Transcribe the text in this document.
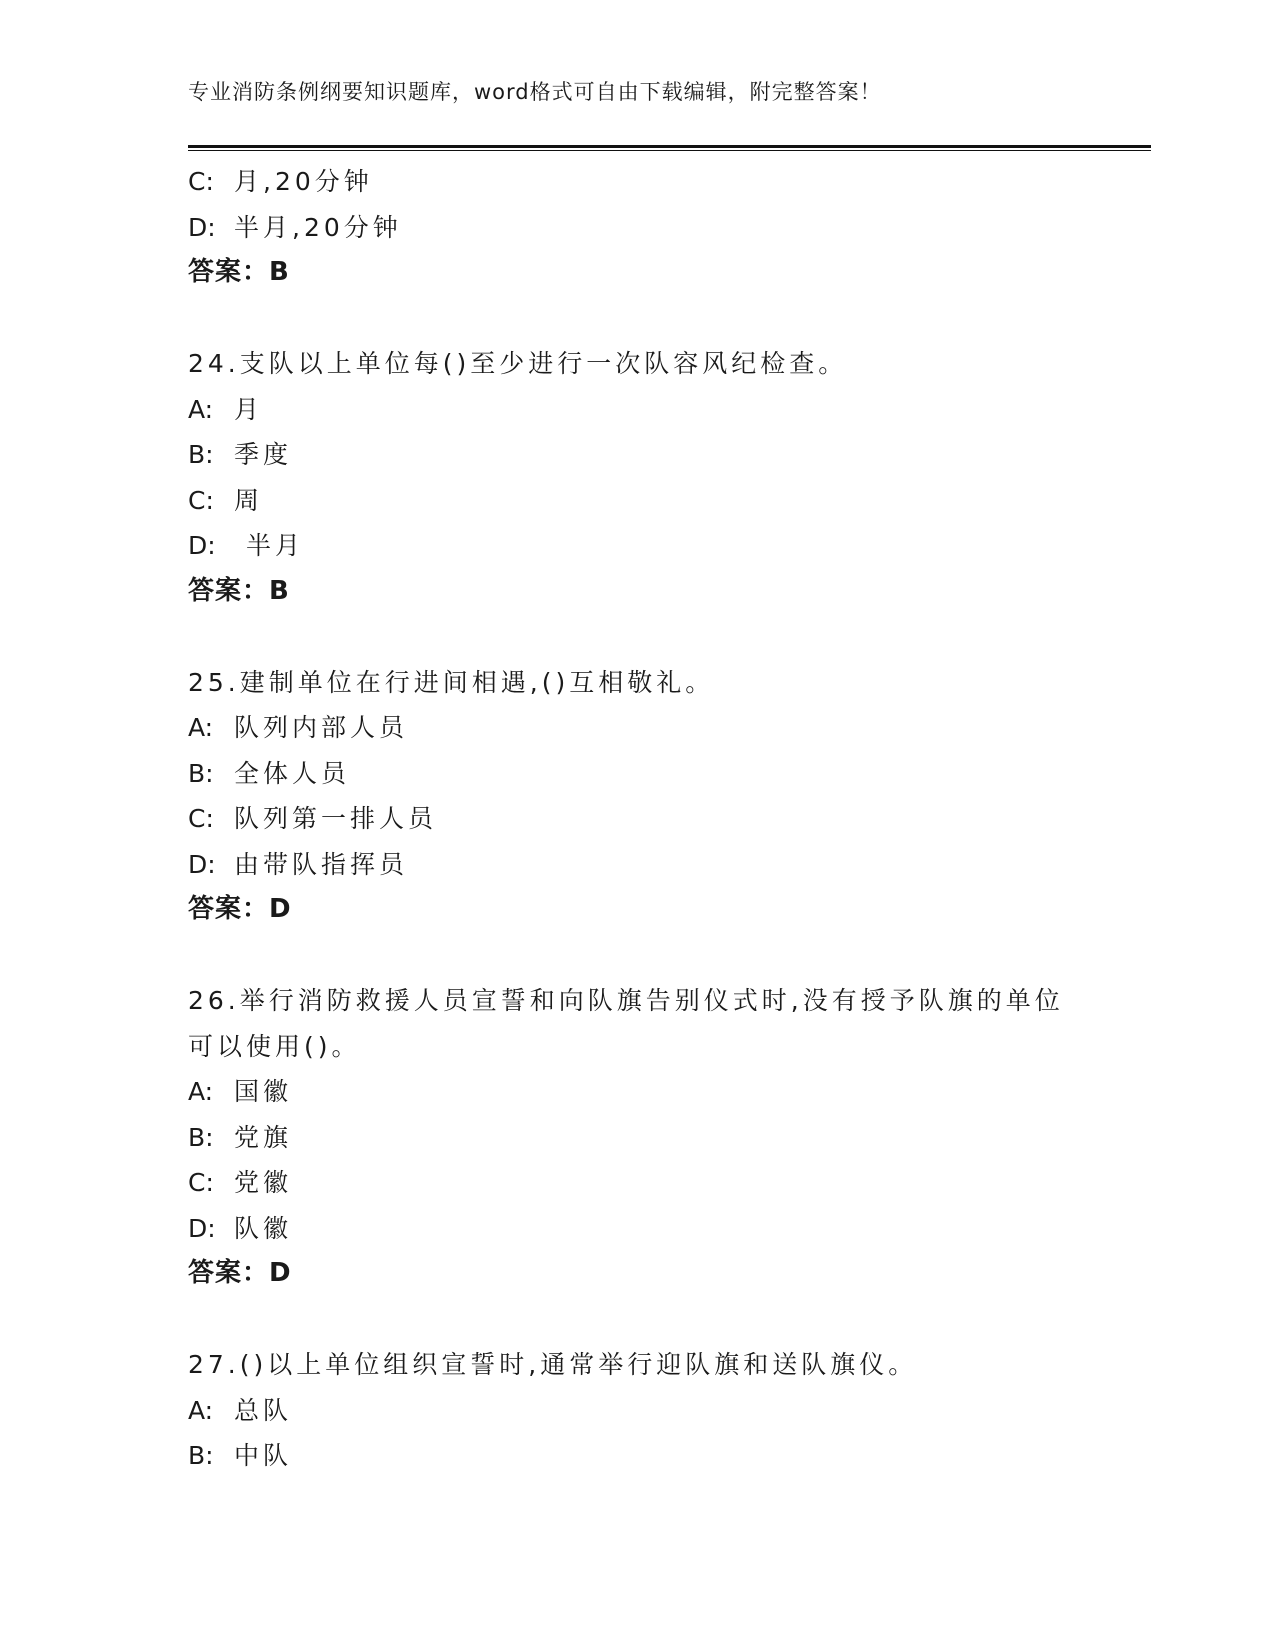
专业消防条例纲要知识题库，word格式可自由下载编辑，附完整答案！
C: 月,20分钟
D: 半月,20分钟
答案：B
24.支队以上单位每()至少进行一次队容风纪检查。
A: 月
B: 季度
C: 周
D: 半月
答案：B
25.建制单位在行进间相遇,()互相敬礼。
A: 队列内部人员
B: 全体人员
C: 队列第一排人员
D: 由带队指挥员
答案：D
26.举行消防救援人员宣誓和向队旗告别仪式时,没有授予队旗的单位
可以使用()。
A: 国徽
B: 党旗
C: 党徽
D: 队徽
答案：D
27.()以上单位组织宣誓时,通常举行迎队旗和送队旗仪。
A: 总队
B: 中队
